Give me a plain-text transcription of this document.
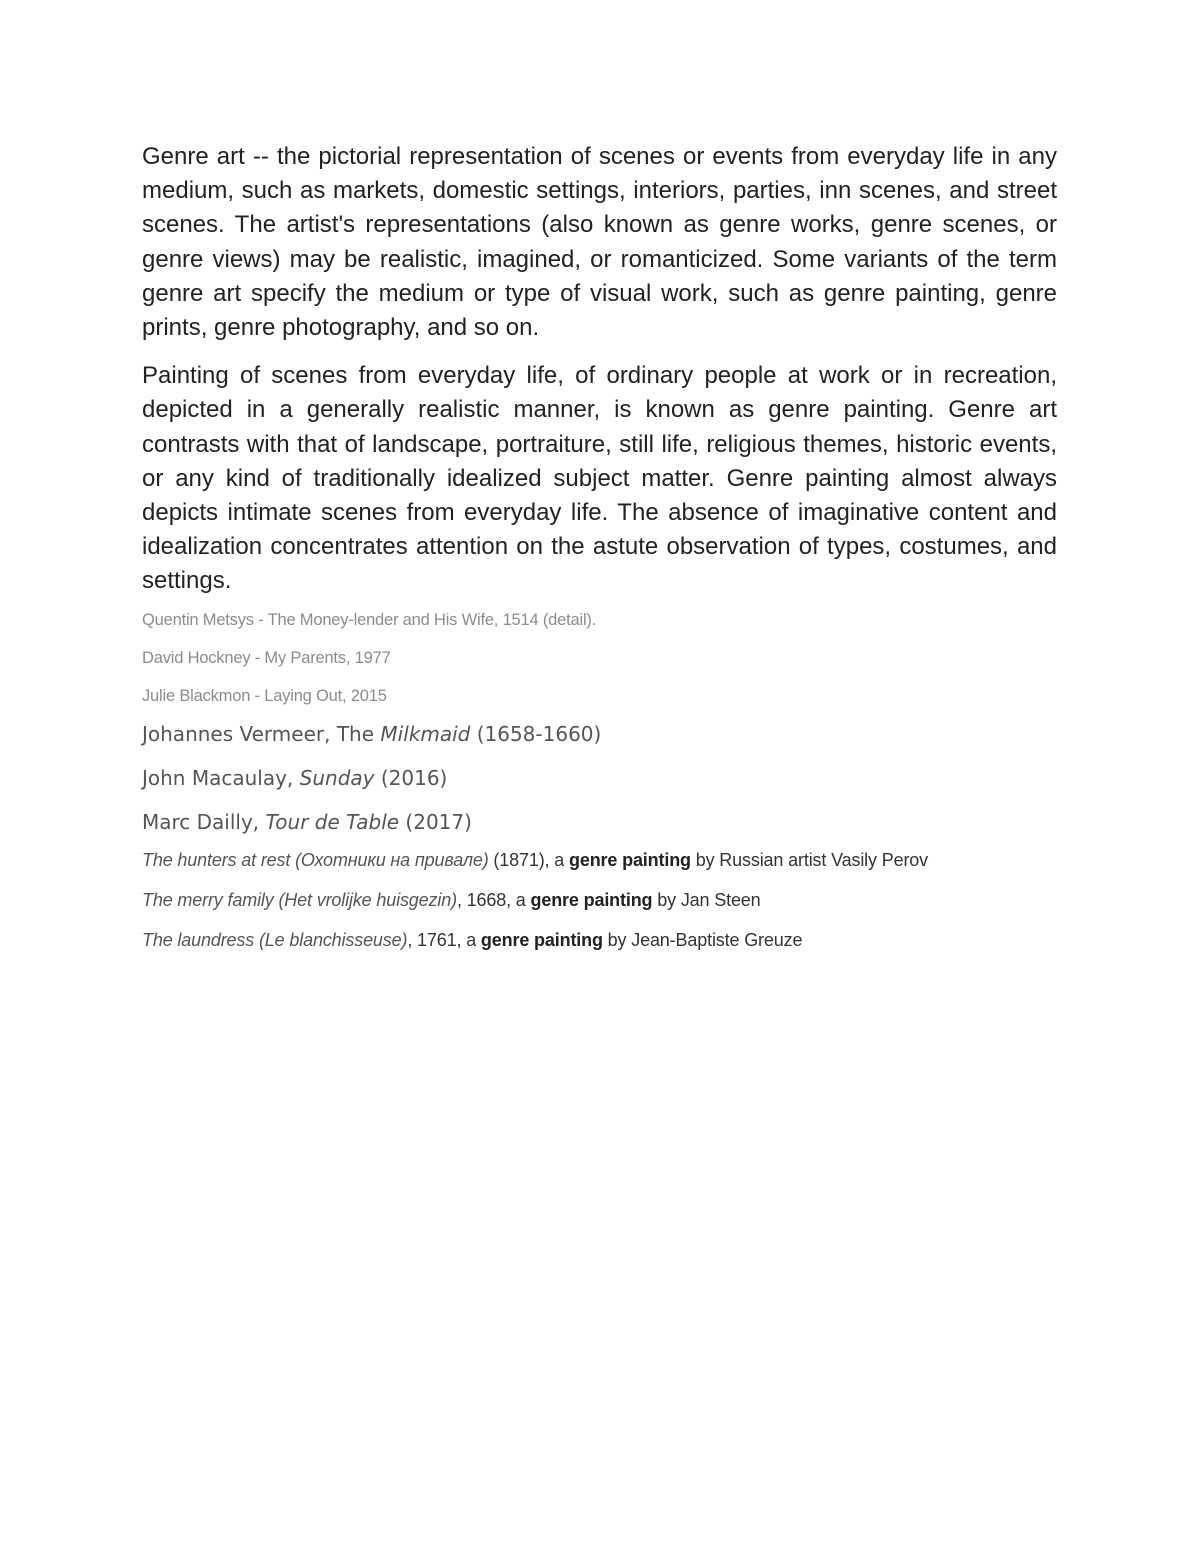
Genre art -- the pictorial representation of scenes or events from everyday life in any medium, such as markets, domestic settings, interiors, parties, inn scenes, and street scenes. The artist's representations (also known as genre works, genre scenes, or genre views) may be realistic, imagined, or romanticized. Some variants of the term genre art specify the medium or type of visual work, such as genre painting, genre prints, genre photography, and so on.

Painting of scenes from everyday life, of ordinary people at work or in recreation, depicted in a generally realistic manner, is known as genre painting. Genre art contrasts with that of landscape, portraiture, still life, religious themes, historic events, or any kind of traditionally idealized subject matter. Genre painting almost always depicts intimate scenes from everyday life. The absence of imaginative content and idealization concentrates attention on the astute observation of types, costumes, and settings.

Quentin Metsys - The Money-lender and His Wife, 1514 (detail).

David Hockney - My Parents, 1977

Julie Blackmon - Laying Out, 2015

Johannes Vermeer, The Milkmaid (1658-1660)

John Macaulay, Sunday (2016)

Marc Dailly, Tour de Table (2017)

The hunters at rest (Охотники на привале) (1871), a genre painting by Russian artist Vasily Perov

The merry family (Het vrolijke huisgezin), 1668, a genre painting by Jan Steen

The laundress (Le blanchisseuse), 1761, a genre painting by Jean-Baptiste Greuze
